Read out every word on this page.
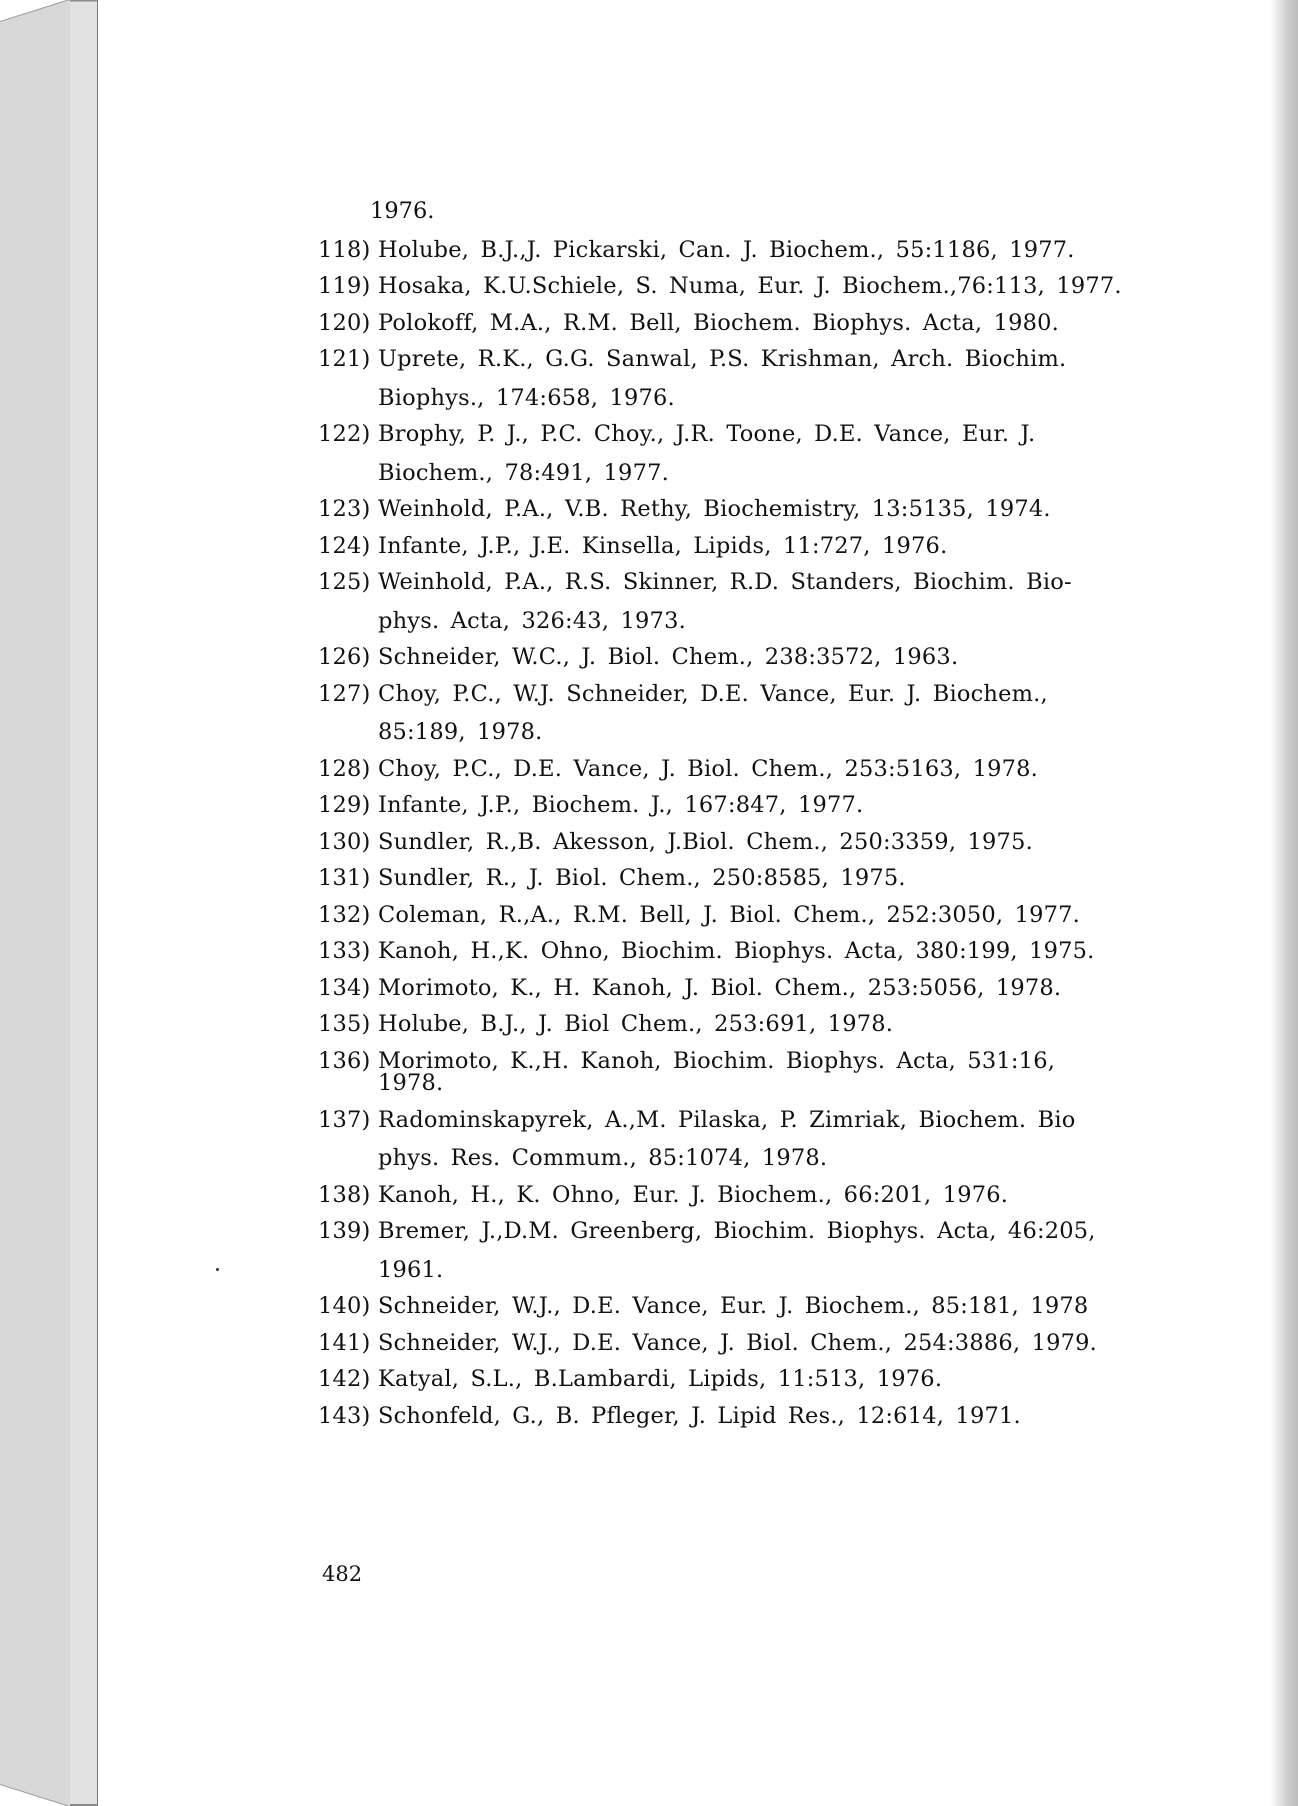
1976.
118) Holube, B.J.,J. Pickarski, Can. J. Biochem., 55:1186, 1977.
119) Hosaka, K.U.Schiele, S. Numa, Eur. J. Biochem.,76:113, 1977.
120) Polokoff, M.A., R.M. Bell, Biochem. Biophys. Acta, 1980.
121) Uprete, R.K., G.G. Sanwal, P.S. Krishman, Arch. Biochim.
Biophys., 174:658, 1976.
122) Brophy, P. J., P.C. Choy., J.R. Toone, D.E. Vance, Eur. J.
Biochem., 78:491, 1977.
123) Weinhold, P.A., V.B. Rethy, Biochemistry, 13:5135, 1974.
124) Infante, J.P., J.E. Kinsella, Lipids, 11:727, 1976.
125) Weinhold, P.A., R.S. Skinner, R.D. Standers, Biochim. Bio-
phys. Acta, 326:43, 1973.
126) Schneider, W.C., J. Biol. Chem., 238:3572, 1963.
127) Choy, P.C., W.J. Schneider, D.E. Vance, Eur. J. Biochem.,
85:189, 1978.
128) Choy, P.C., D.E. Vance, J. Biol. Chem., 253:5163, 1978.
129) Infante, J.P., Biochem. J., 167:847, 1977.
130) Sundler, R.,B. Akesson, J.Biol. Chem., 250:3359, 1975.
131) Sundler, R., J. Biol. Chem., 250:8585, 1975.
132) Coleman, R.,A., R.M. Bell, J. Biol. Chem., 252:3050, 1977.
133) Kanoh, H.,K. Ohno, Biochim. Biophys. Acta, 380:199, 1975.
134) Morimoto, K., H. Kanoh, J. Biol. Chem., 253:5056, 1978.
135) Holube, B.J., J. Biol Chem., 253:691, 1978.
136) Morimoto, K.,H. Kanoh, Biochim. Biophys. Acta, 531:16, 1978.
137) Radominskapyrek, A.,M. Pilaska, P. Zimriak, Biochem. Bio
phys. Res. Commum., 85:1074, 1978.
138) Kanoh, H., K. Ohno, Eur. J. Biochem., 66:201, 1976.
139) Bremer, J.,D.M. Greenberg, Biochim. Biophys. Acta, 46:205,
1961.
140) Schneider, W.J., D.E. Vance, Eur. J. Biochem., 85:181, 1978
141) Schneider, W.J., D.E. Vance, J. Biol. Chem., 254:3886, 1979.
142) Katyal, S.L., B.Lambardi, Lipids, 11:513, 1976.
143) Schonfeld, G., B. Pfleger, J. Lipid Res., 12:614, 1971.
482
